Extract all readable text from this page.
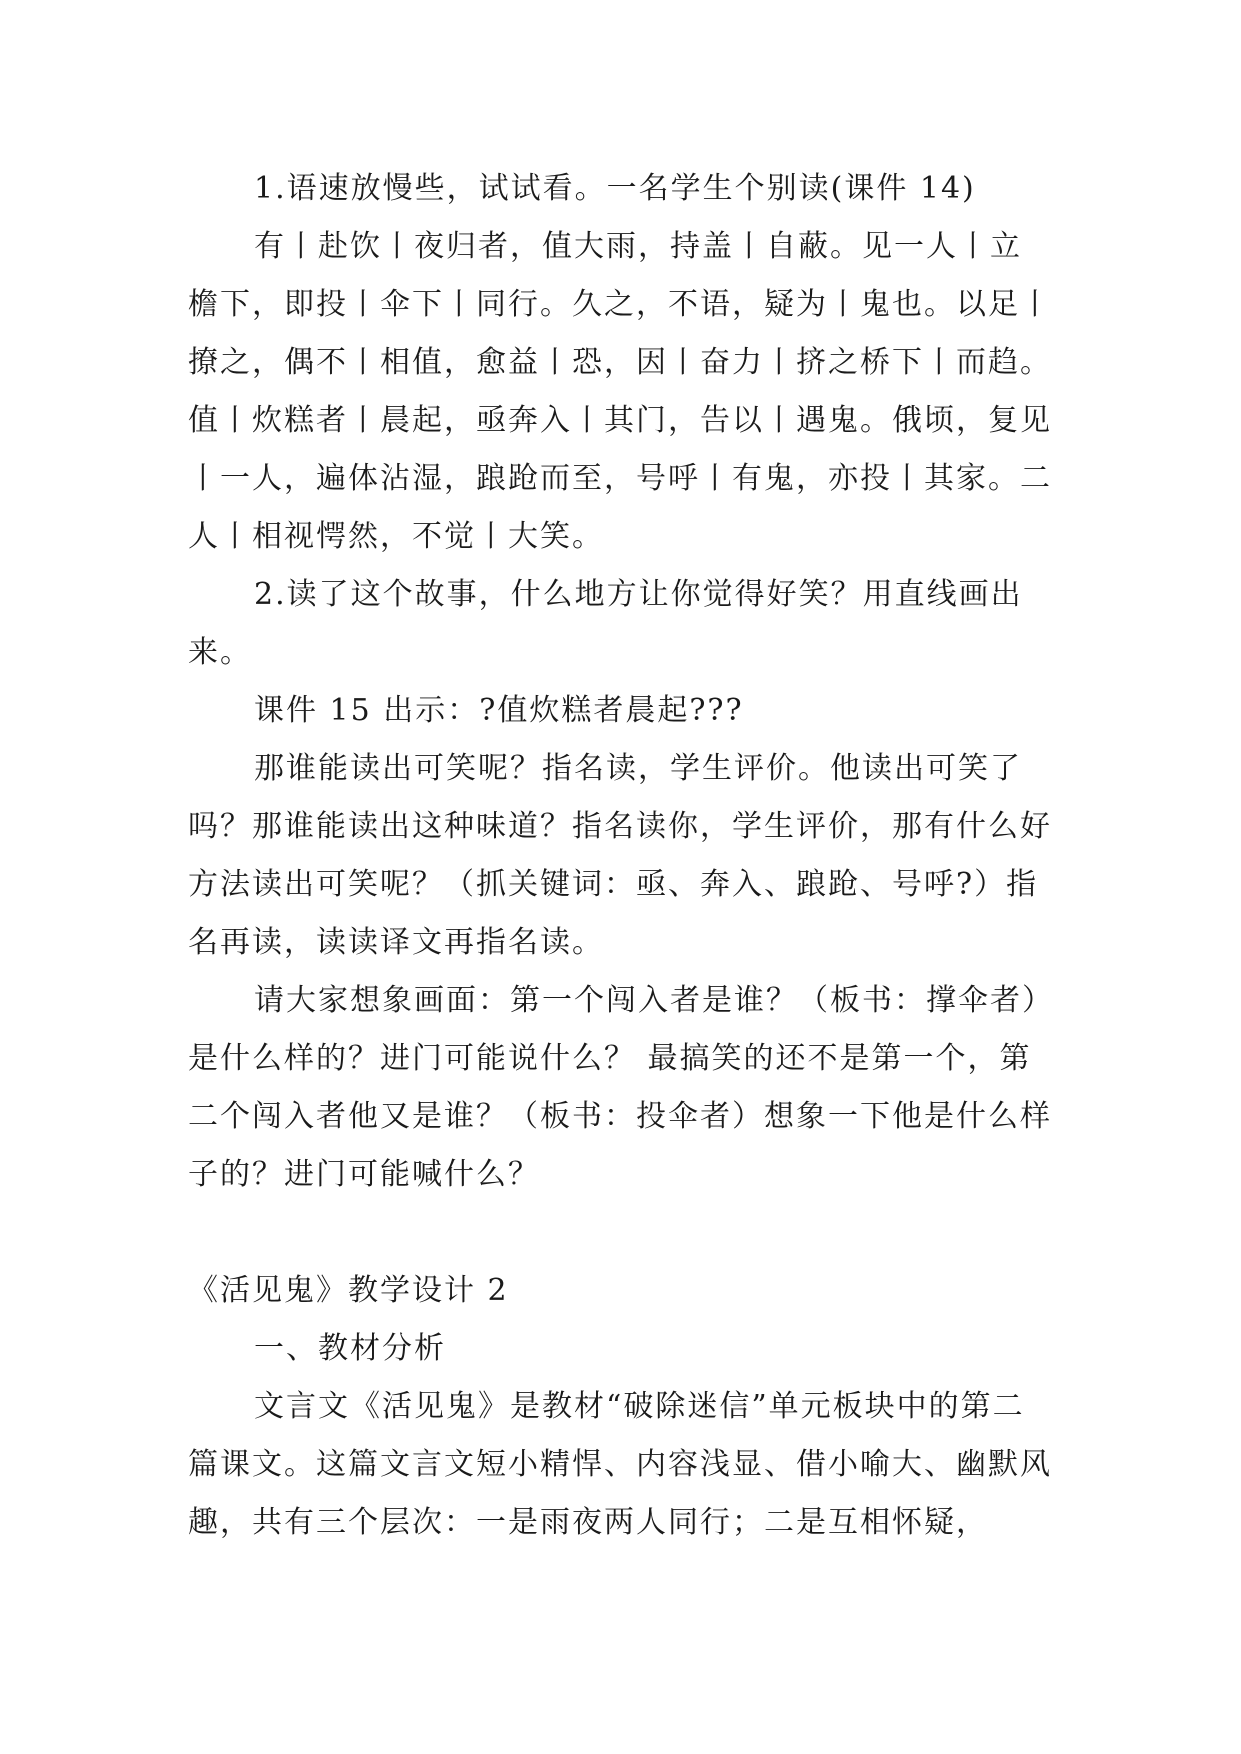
1.语速放慢些，试试看。一名学生个别读(课件 14)

有丨赴饮丨夜归者，值大雨，持盖丨自蔽。见一人丨立檐下，即投丨伞下丨同行。久之，不语，疑为丨鬼也。以足丨撩之，偶不丨相值，愈益丨恐，因丨奋力丨挤之桥下丨而趋。值丨炊糕者丨晨起，亟奔入丨其门，告以丨遇鬼。俄顷，复见丨一人，遍体沾湿，踉跄而至，号呼丨有鬼，亦投丨其家。二人丨相视愕然，不觉丨大笑。

2.读了这个故事，什么地方让你觉得好笑？用直线画出来。

课件 15 出示：?值炊糕者晨起???

那谁能读出可笑呢？指名读，学生评价。他读出可笑了吗？那谁能读出这种味道？指名读你，学生评价，那有什么好方法读出可笑呢？（抓关键词：亟、奔入、踉跄、号呼?）指名再读，读读译文再指名读。

请大家想象画面：第一个闯入者是谁？（板书：撑伞者）是什么样的？进门可能说什么？ 最搞笑的还不是第一个，第二个闯入者他又是谁？（板书：投伞者）想象一下他是什么样子的？进门可能喊什么？

《活见鬼》教学设计 2

一、教材分析

文言文《活见鬼》是教材“破除迷信”单元板块中的第二篇课文。这篇文言文短小精悍、内容浅显、借小喻大、幽默风趣，共有三个层次：一是雨夜两人同行；二是互相怀疑，
